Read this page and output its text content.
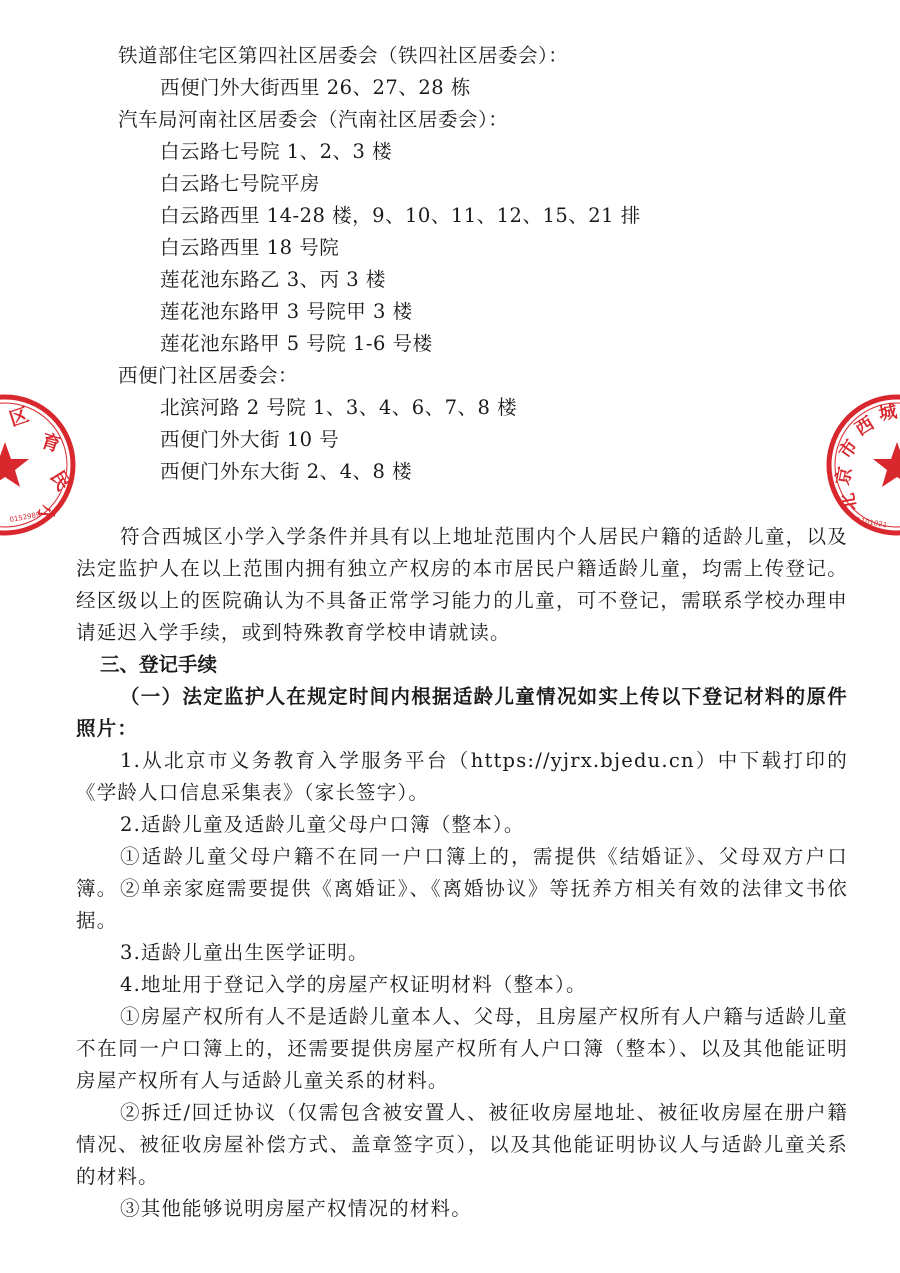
铁道部住宅区第四社区居委会（铁四社区居委会）：
西便门外大街西里 26、27、28 栋
汽车局河南社区居委会（汽南社区居委会）：
白云路七号院 1、2、3 楼
白云路七号院平房
白云路西里 14-28 楼，9、10、11、12、15、21 排
白云路西里 18 号院
莲花池东路乙 3、丙 3 楼
莲花池东路甲 3 号院甲 3 楼
莲花池东路甲 5 号院 1-6 号楼
西便门社区居委会：
北滨河路 2 号院 1、3、4、6、7、8 楼
西便门外大街 10 号
西便门外东大街 2、4、8 楼
符合西城区小学入学条件并具有以上地址范围内个人居民户籍的适龄儿童，以及法定监护人在以上范围内拥有独立产权房的本市居民户籍适龄儿童，均需上传登记。经区级以上的医院确认为不具备正常学习能力的儿童，可不登记，需联系学校办理申请延迟入学手续，或到特殊教育学校申请就读。
三、登记手续
（一）法定监护人在规定时间内根据适龄儿童情况如实上传以下登记材料的原件照片：
1.从北京市义务教育入学服务平台（https://yjrx.bjedu.cn）中下载打印的《学龄人口信息采集表》（家长签字）。
2.适龄儿童及适龄儿童父母户口簿（整本）。
①适龄儿童父母户籍不在同一户口簿上的，需提供《结婚证》、父母双方户口簿。 ②单亲家庭需要提供《离婚证》、《离婚协议》等抚养方相关有效的法律文书依据。
3.适龄儿童出生医学证明。
4.地址用于登记入学的房屋产权证明材料（整本）。
①房屋产权所有人不是适龄儿童本人、父母，且房屋产权所有人户籍与适龄儿童不在同一户口簿上的，还需要提供房屋产权所有人户口簿（整本）、以及其他能证明房屋产权所有人与适龄儿童关系的材料。
②拆迁/回迁协议（仅需包含被安置人、被征收房屋地址、被征收房屋在册户籍情况、被征收房屋补偿方式、盖章签字页），以及其他能证明协议人与适龄儿童关系的材料。
③其他能够说明房屋产权情况的材料。
区
育
民
小
0152989
北
京
市
西 城
1101021
